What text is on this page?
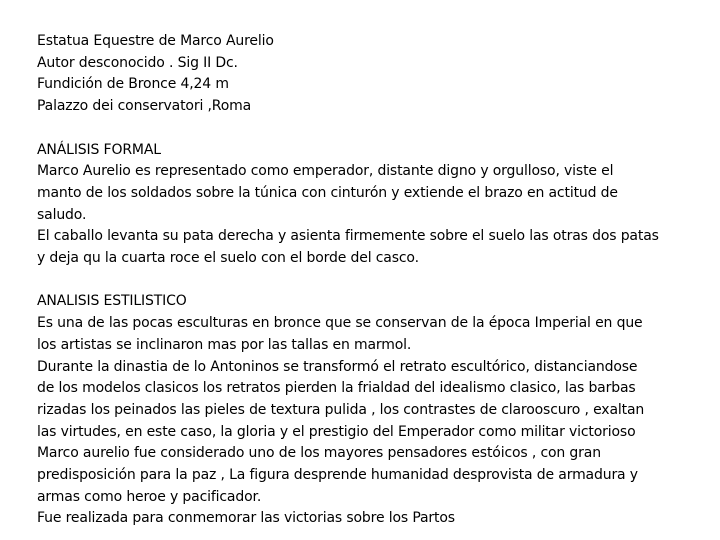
Estatua Equestre de Marco Aurelio
Autor desconocido . Sig II Dc.
Fundición de Bronce 4,24 m
Palazzo dei conservatori ,Roma
ANÁLISIS FORMAL
Marco Aurelio es representado como emperador, distante digno y orgulloso, viste el
manto de los soldados sobre la túnica con cinturón y extiende el brazo en actitud de
saludo.
El caballo levanta su pata derecha y asienta firmemente sobre el suelo las otras dos patas
y deja qu la cuarta roce el suelo con el borde del casco.
ANALISIS ESTILISTICO
Es una de las pocas esculturas en bronce que se conservan de la época Imperial en que
los artistas se inclinaron mas por las tallas en marmol.
Durante la dinastia de lo Antoninos se transformó el retrato escultórico, distanciandose
de los modelos clasicos los retratos pierden la frialdad del idealismo clasico, las barbas
rizadas los peinados las pieles de textura pulida , los contrastes de clarooscuro , exaltan
las virtudes, en este caso, la gloria y el prestigio del Emperador como militar victorioso
Marco aurelio fue considerado uno de los mayores pensadores estóicos , con gran
predisposición para la paz , La figura desprende humanidad desprovista de armadura y
armas como heroe y pacificador.
Fue realizada para conmemorar las victorias sobre los Partos
